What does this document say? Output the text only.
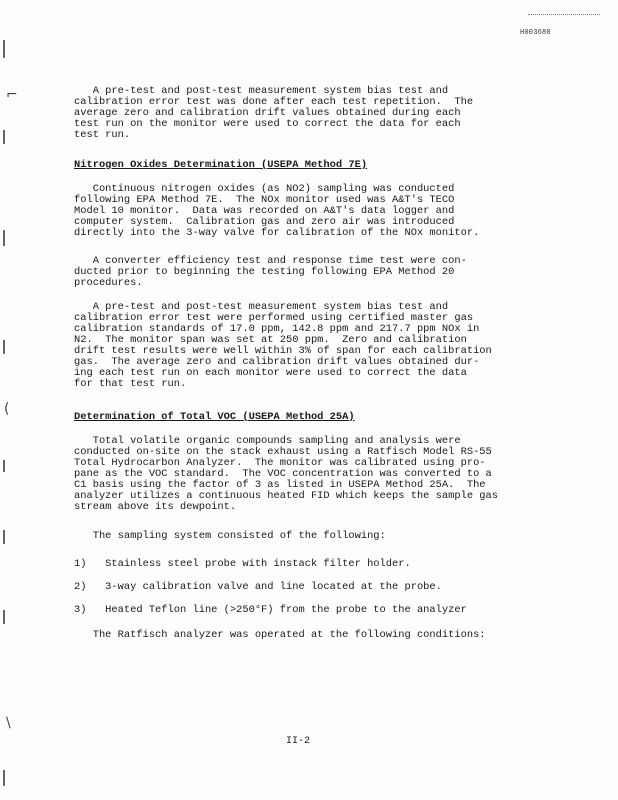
H003680
⌐
(
\

A pre-test and post-test measurement system bias test and
calibration error test was done after each test repetition.  The
average zero and calibration drift values obtained during each
test run on the monitor were used to correct the data for each
test run.

Nitrogen Oxides Determination (USEPA Method 7E)

Continuous nitrogen oxides (as NO2) sampling was conducted
following EPA Method 7E.  The NOx monitor used was A&T's TECO
Model 10 monitor.  Data was recorded on A&T's data logger and
computer system.  Calibration gas and zero air was introduced
directly into the 3-way valve for calibration of the NOx monitor.

A converter efficiency test and response time test were con-
ducted prior to beginning the testing following EPA Method 20
procedures.

A pre-test and post-test measurement system bias test and
calibration error test were performed using certified master gas
calibration standards of 17.0 ppm, 142.8 ppm and 217.7 ppm NOx in
N2.  The monitor span was set at 250 ppm.  Zero and calibration
drift test results were well within 3% of span for each calibration
gas.  The average zero and calibration drift values obtained dur-
ing each test run on each monitor were used to correct the data
for that test run.

Determination of Total VOC (USEPA Method 25A)

Total volatile organic compounds sampling and analysis were
conducted on-site on the stack exhaust using a Ratfisch Model RS-55
Total Hydrocarbon Analyzer.  The monitor was calibrated using pro-
pane as the VOC standard.  The VOC concentration was converted to a
C1 basis using the factor of 3 as listed in USEPA Method 25A.  The
analyzer utilizes a continuous heated FID which keeps the sample gas
stream above its dewpoint.

The sampling system consisted of the following:

1)   Stainless steel probe with instack filter holder.
2)   3-way calibration valve and line located at the probe.
3)   Heated Teflon line (>250°F) from the probe to the analyzer

The Ratfisch analyzer was operated at the following conditions:

II-2
